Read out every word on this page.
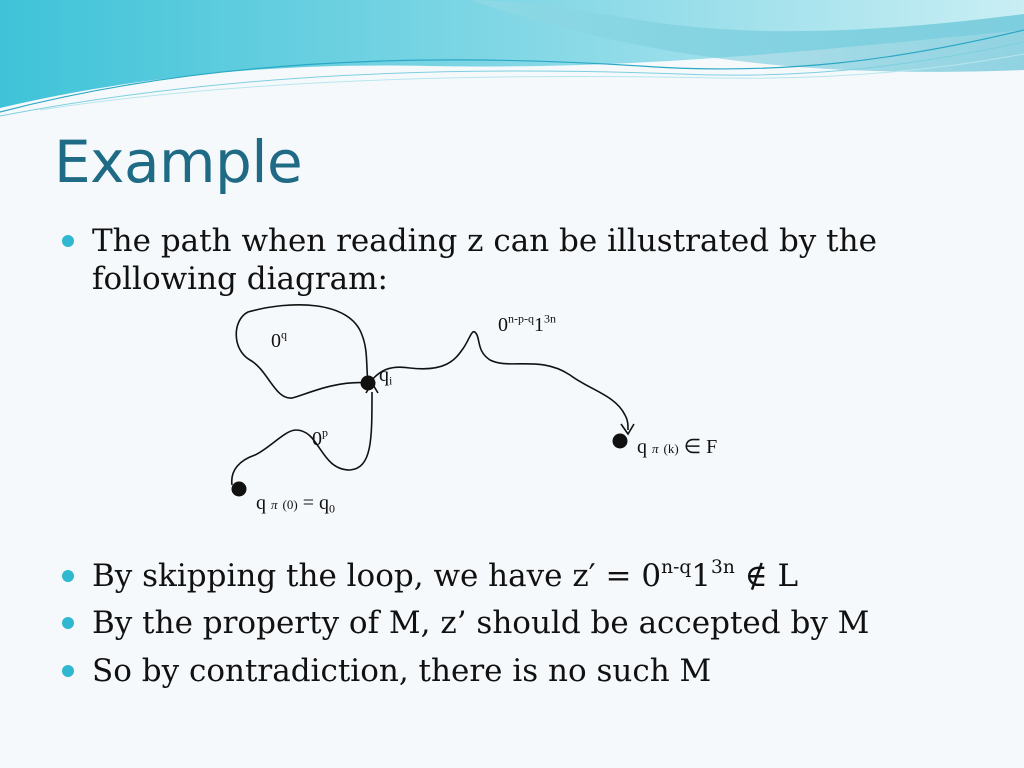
Example
The path when reading z can be illustrated by the following diagram:
0$^q$
$q_i$
0$^p$
$0^{n-p-q}1^{3n}$
q π $(0) = q_0$
q π (k) ∈ F
By skipping the loop, we have $z' = 0^{n-q}1^{3n}$ ∉ L
By the property of M, z’ should be accepted by M
So by contradiction, there is no such M
